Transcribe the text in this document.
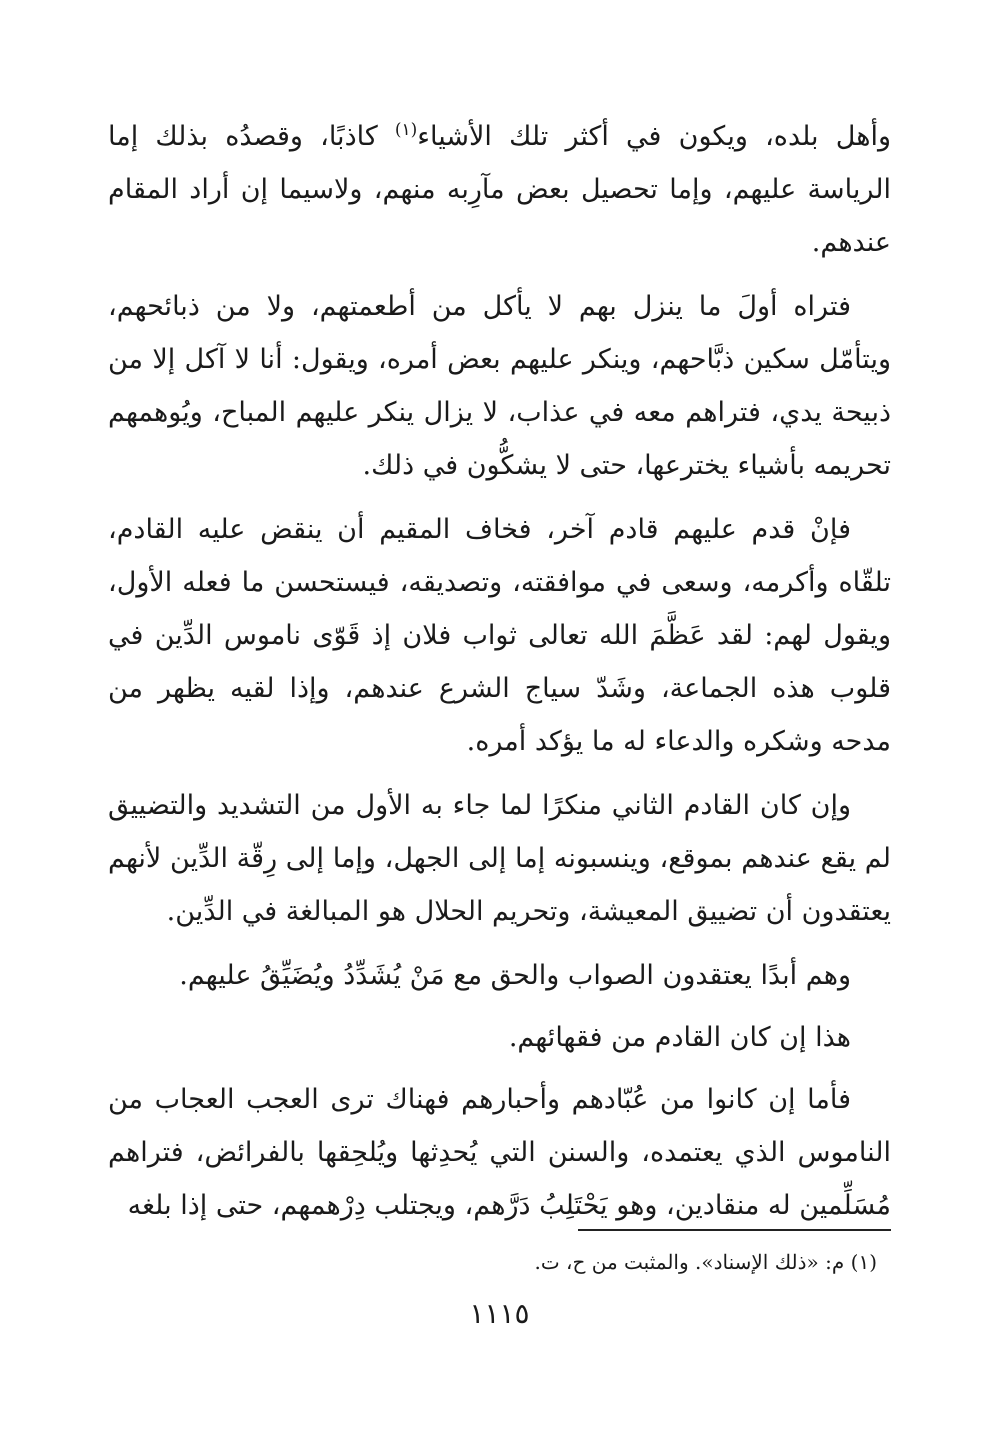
وأهل بلده، ويكون في أكثر تلك الأشياء$^{(١)}$ كاذبًا، وقصدُه بذلك إما الرياسة عليهم، وإما تحصيل بعض مآرِبه منهم، ولاسيما إن أراد المقام عندهم.

فتراه أولَ ما ينزل بهم لا يأكل من أطعمتهم، ولا من ذبائحهم، ويتأمّل سكين ذبَّاحهم، وينكر عليهم بعض أمره، ويقول: أنا لا آكل إلا من ذبيحة يدي، فتراهم معه في عذاب، لا يزال ينكر عليهم المباح، ويُوهمهم تحريمه بأشياء يخترعها، حتى لا يشكُّون في ذلك.

فإنْ قدم عليهم قادم آخر، فخاف المقيم أن ينقض عليه القادم، تلقّاه وأكرمه، وسعى في موافقته، وتصديقه، فيستحسن ما فعله الأول، ويقول لهم: لقد عَظَّمَ الله تعالى ثواب فلان إذ قَوّى ناموس الدِّين في قلوب هذه الجماعة، وشَدّ سياج الشرع عندهم، وإذا لقيه يظهر من مدحه وشكره والدعاء له ما يؤكد أمره.

وإن كان القادم الثاني منكرًا لما جاء به الأول من التشديد والتضييق لم يقع عندهم بموقع، وينسبونه إما إلى الجهل، وإما إلى رِقّة الدِّين لأنهم يعتقدون أن تضييق المعيشة، وتحريم الحلال هو المبالغة في الدِّين.

وهم أبدًا يعتقدون الصواب والحق مع مَنْ يُشَدِّدُ ويُضَيِّقُ عليهم.

هذا إن كان القادم من فقهائهم.

فأما إن كانوا من عُبّادهم وأحبارهم فهناك ترى العجب العجاب من الناموس الذي يعتمده، والسنن التي يُحدِثها ويُلحِقها بالفرائض، فتراهم مُسَلِّمين له منقادين، وهو يَحْتَلِبُ دَرَّهم، ويجتلب دِرْهمهم، حتى إذا بلغه

(١) م: «ذلك الإسناد». والمثبت من ح، ت.
١١١٥
